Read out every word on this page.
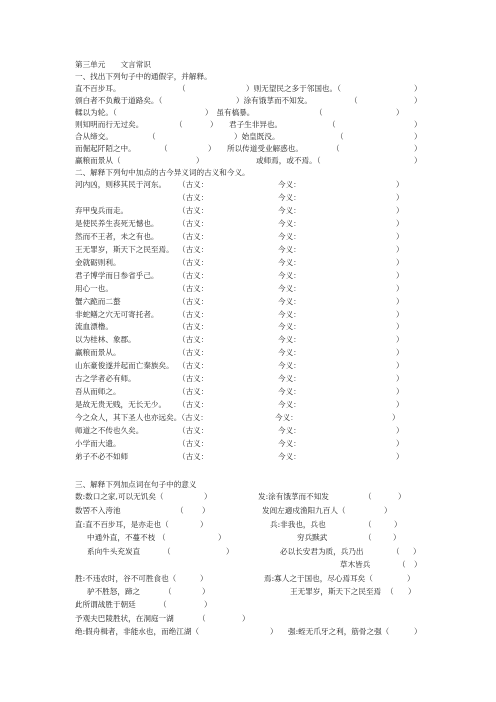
第三单元　　文言常识
一、找出下列句子中的通假字，并解释。
直不百步耳。	（	）则无望民之多于邻国也。（	）
颁白者不负戴于道路矣。（	）涂有饿莩而不知发。	（	）
輮以为轮。（	）　虽有槁暴。	（	）
则知明而行无过矣。	（	）　　君子生非异也。	（	）
合从缔交。	（	）始皇既没。	（	）
而倔起阡陌之中。	（	）　　所以传道受业解惑也。	（	）
赢粮而景从（	）	或师焉，或不焉。（	）
二、解释下列句中加点的古今异义词的古义和今义。
河内凶，则移其民于河东。 （古义：	今义：	）
（古义：	今义：	）
弃甲曳兵而走。	（古义：	今义：	）
是使民养生丧死无憾也。	（古义：	今义：	）
然而不王者，未之有也。	（古义：	今义：	）
王无罪岁，斯天下之民至焉。 （古义：	今义：	）
金就砺则利。	（古义：	今义：	）
君子博学而日参省乎己。	（古义：	今义：	）
用心一也。	（古义：	今义：	）
蟹六跪而二螯	（古义：	今义：	）
非蛇鳝之穴无可寄托者。	（古义：	今义：	）
流血漂橹。	（古义：	今义：	）
以为桂林、象郡。	（古义：	今义：	）
赢粮而景从。	（古义：	今义：	）
山东豪俊遂并起而亡秦族矣。 （古义：	今义：	）
古之学者必有师。	（古义：	今义：	）
吾从而师之。	（古义：	今义：	）
是故无贵无贱，无长无少。 （古义：	今义：	）
今之众人，其下圣人也亦远矣。（古义：	今义：	）
师道之不传也久矣。	（古义：	今义：	）
小学而大遗。	（古义：	今义：	）
弟子不必不如师	（古义：	今义：	）
三、解释下列加点词在句子中的意义
数:数口之家,可以无饥矣（	）	发:涂有饿莩而不知发	（	）
数罟不入洿池	（ ）	发闾左適戍渔阳九百人（	）
直:直不百步耳，是亦走也（	）	兵:非我也，兵也	（	）
中通外直，不蔓不枝 （	）	穷兵黩武	（	）
系向牛头充炭直	（	）	必以长安君为质，兵乃出	（ ）
草木皆兵	（ ）
胜:不违农时，谷不可胜食也（	）	焉:寡人之于国也，尽心焉耳矣（	）
驴不胜怒，蹄之	（	）	王无罪岁，斯天下之民至焉 （ ）
此所谓战胜于朝廷	（	）
予观夫巴陵胜状，在洞庭一湖	（	）
绝:假舟楫者，非能水也，而绝江湖（	） 强:蛭无爪牙之利，筋骨之强（	）
